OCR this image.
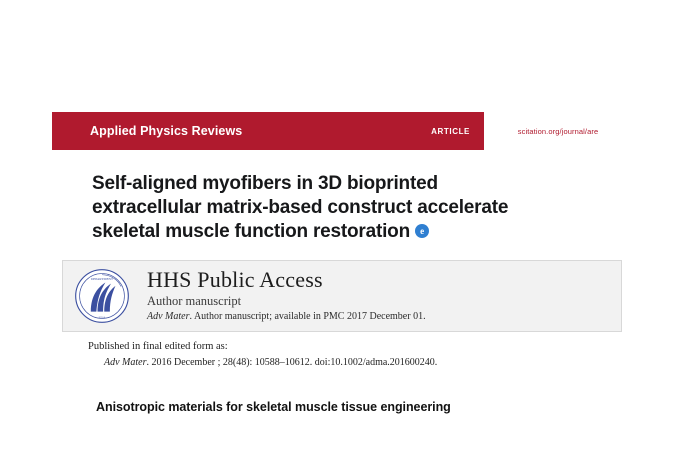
Applied Physics Reviews	ARTICLE	scitation.org/journal/are
Self-aligned myofibers in 3D bioprinted
extracellular matrix-based construct accelerate
skeletal muscle function restoration e
DEPARTMENT
USA
HHS Public Access
Author manuscript
Adv Mater. Author manuscript; available in PMC 2017 December 01.
Published in final edited form as:
Adv Mater. 2016 December ; 28(48): 10588–10612. doi:10.1002/adma.201600240.
Anisotropic materials for skeletal muscle tissue engineering
